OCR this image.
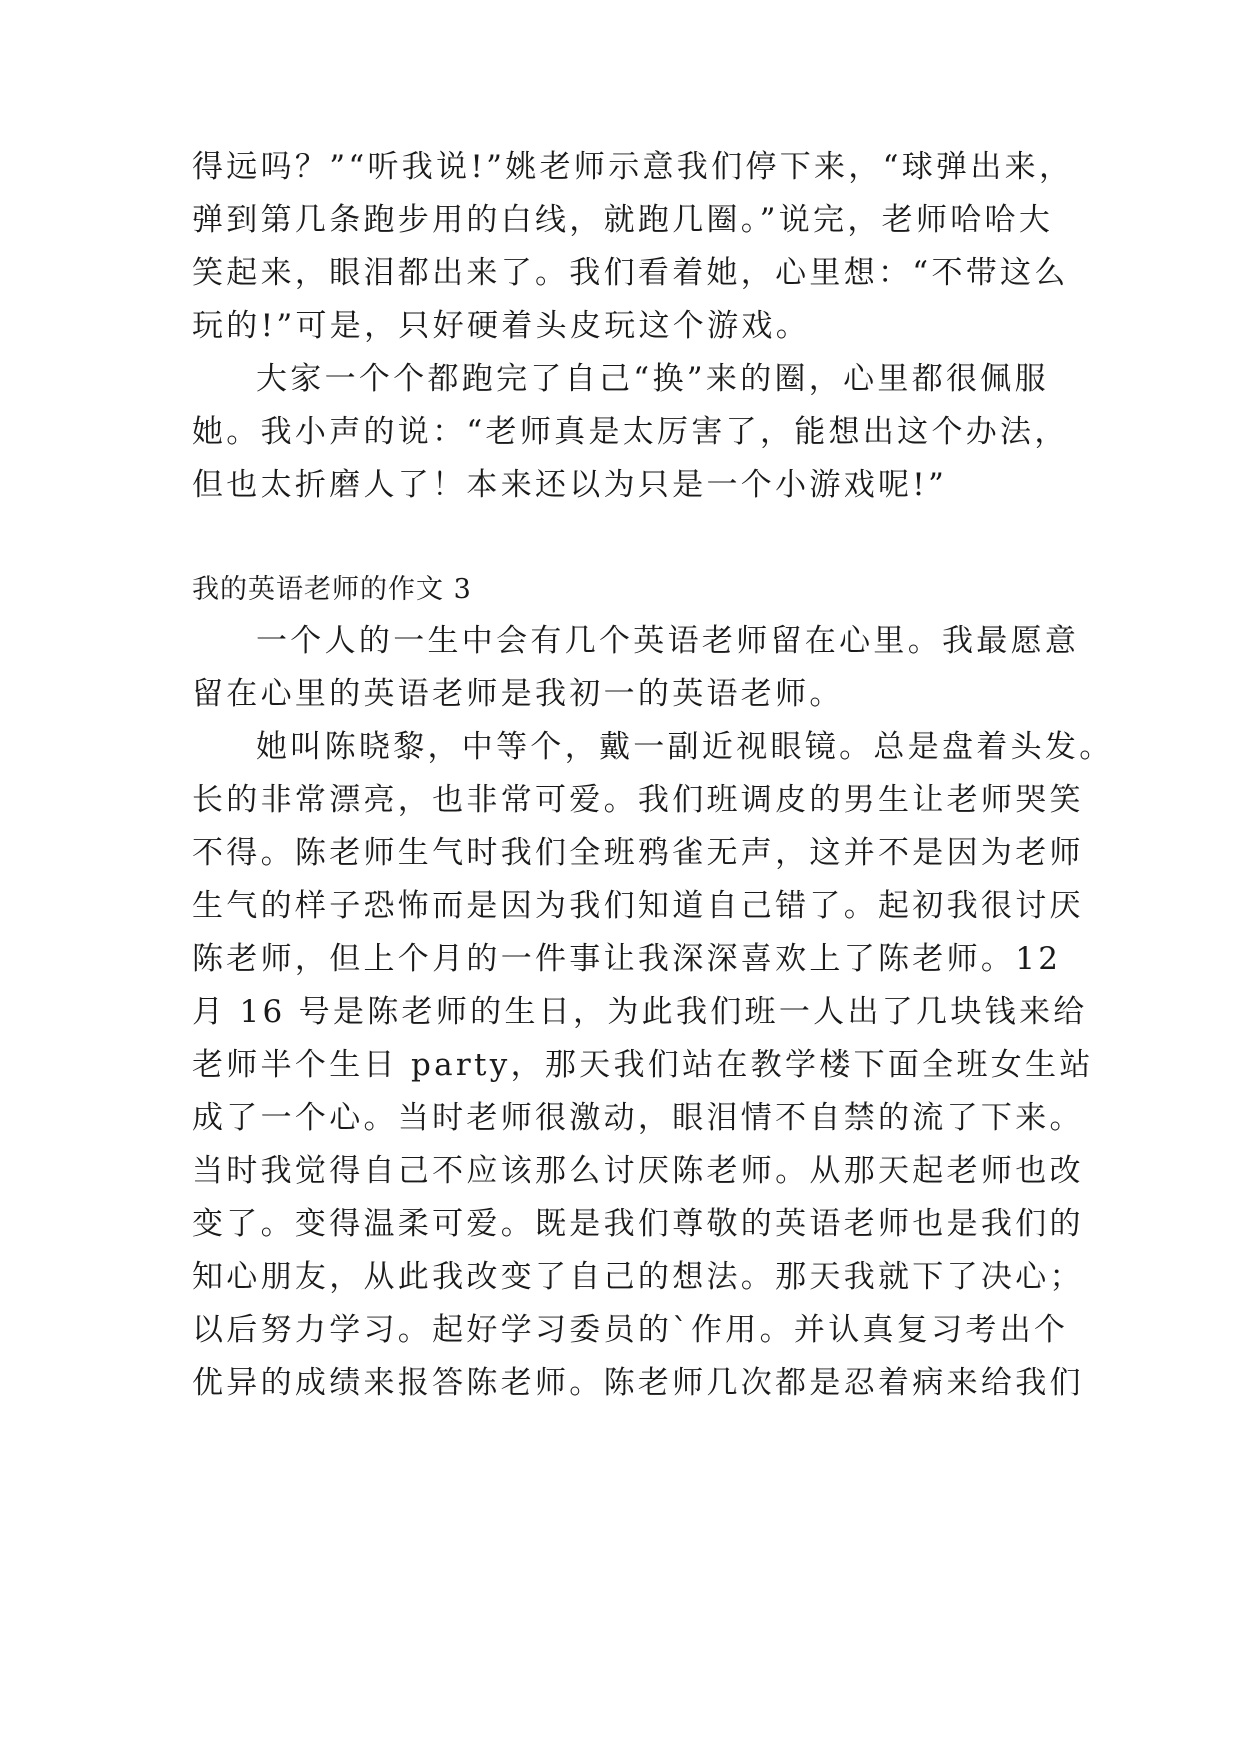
得远吗？”“听我说!”姚老师示意我们停下来，“球弹出来，
弹到第几条跑步用的白线，就跑几圈。”说完，老师哈哈大
笑起来，眼泪都出来了。我们看着她，心里想：“不带这么
玩的!”可是，只好硬着头皮玩这个游戏。
大家一个个都跑完了自己“换”来的圈，心里都很佩服
她。我小声的说：“老师真是太厉害了，能想出这个办法，
但也太折磨人了！本来还以为只是一个小游戏呢!”
我的英语老师的作文 3
一个人的一生中会有几个英语老师留在心里。我最愿意
留在心里的英语老师是我初一的英语老师。
她叫陈晓黎，中等个，戴一副近视眼镜。总是盘着头发。
长的非常漂亮，也非常可爱。我们班调皮的男生让老师哭笑
不得。陈老师生气时我们全班鸦雀无声，这并不是因为老师
生气的样子恐怖而是因为我们知道自己错了。起初我很讨厌
陈老师，但上个月的一件事让我深深喜欢上了陈老师。12
月 16 号是陈老师的生日，为此我们班一人出了几块钱来给
老师半个生日 party，那天我们站在教学楼下面全班女生站
成了一个心。当时老师很激动，眼泪情不自禁的流了下来。
当时我觉得自己不应该那么讨厌陈老师。从那天起老师也改
变了。变得温柔可爱。既是我们尊敬的英语老师也是我们的
知心朋友，从此我改变了自己的想法。那天我就下了决心；
以后努力学习。起好学习委员的`作用。并认真复习考出个
优异的成绩来报答陈老师。陈老师几次都是忍着病来给我们
